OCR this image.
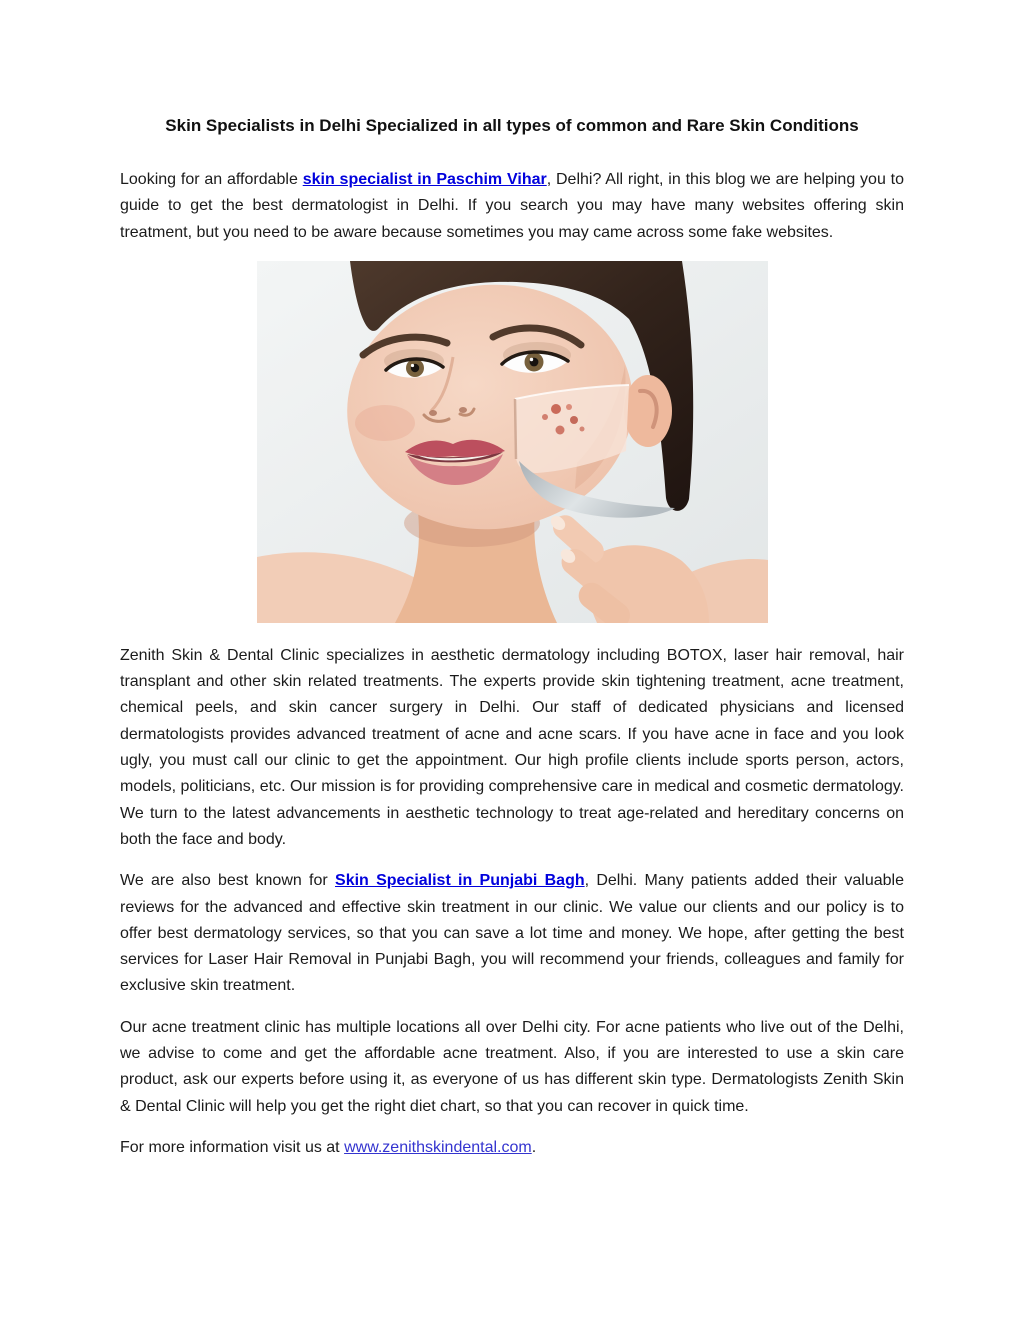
Skin Specialists in Delhi Specialized in all types of common and Rare Skin Conditions

Looking for an affordable skin specialist in Paschim Vihar, Delhi? All right, in this blog we are helping you to guide to get the best dermatologist in Delhi. If you search you may have many websites offering skin treatment, but you need to be aware because sometimes you may came across some fake websites.

Zenith Skin & Dental Clinic specializes in aesthetic dermatology including BOTOX, laser hair removal, hair transplant and other skin related treatments. The experts provide skin tightening treatment, acne treatment, chemical peels, and skin cancer surgery in Delhi. Our staff of dedicated physicians and licensed dermatologists provides advanced treatment of acne and acne scars. If you have acne in face and you look ugly, you must call our clinic to get the appointment. Our high profile clients include sports person, actors, models, politicians, etc. Our mission is for providing comprehensive care in medical and cosmetic dermatology. We turn to the latest advancements in aesthetic technology to treat age-related and hereditary concerns on both the face and body.

We are also best known for Skin Specialist in Punjabi Bagh, Delhi. Many patients added their valuable reviews for the advanced and effective skin treatment in our clinic. We value our clients and our policy is to offer best dermatology services, so that you can save a lot time and money. We hope, after getting the best services for Laser Hair Removal in Punjabi Bagh, you will recommend your friends, colleagues and family for exclusive skin treatment.

Our acne treatment clinic has multiple locations all over Delhi city. For acne patients who live out of the Delhi, we advise to come and get the affordable acne treatment. Also, if you are interested to use a skin care product, ask our experts before using it, as everyone of us has different skin type. Dermatologists Zenith Skin & Dental Clinic will help you get the right diet chart, so that you can recover in quick time.

For more information visit us at www.zenithskindental.com.
